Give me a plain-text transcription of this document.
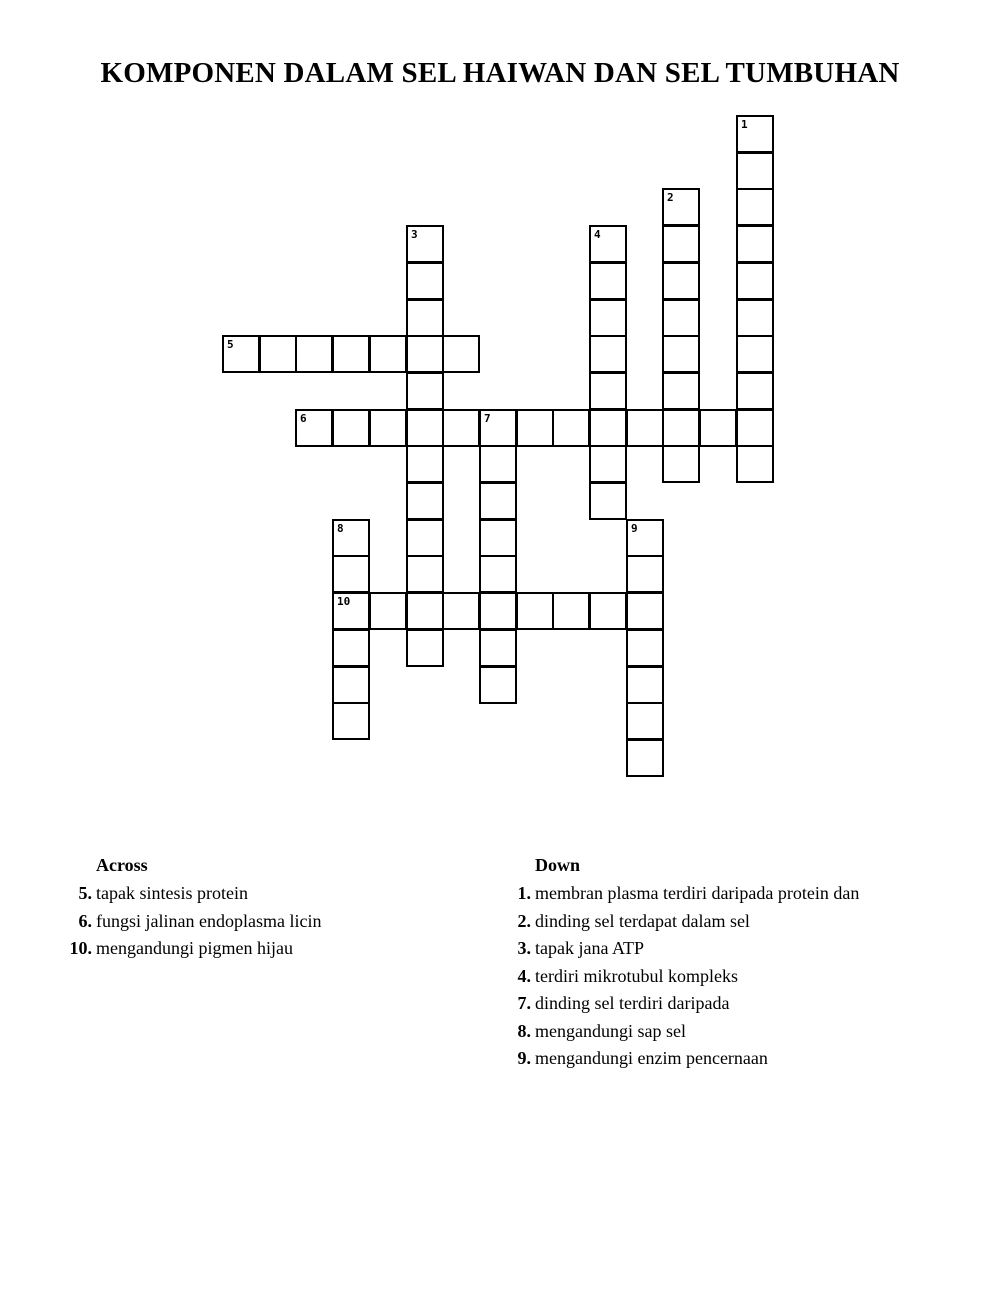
KOMPONEN DALAM SEL HAIWAN DAN SEL TUMBUHAN
1
2
3	4
5
6	7
8
10
9
Across
5. tapak sintesis protein
6. fungsi jalinan endoplasma licin
10. mengandungi pigmen hijau
Down
1. membran plasma terdiri daripada protein dan
2. dinding sel terdapat dalam sel
3. tapak jana ATP
4. terdiri mikrotubul kompleks
7. dinding sel terdiri daripada
8. mengandungi sap sel
9. mengandungi enzim pencernaan
